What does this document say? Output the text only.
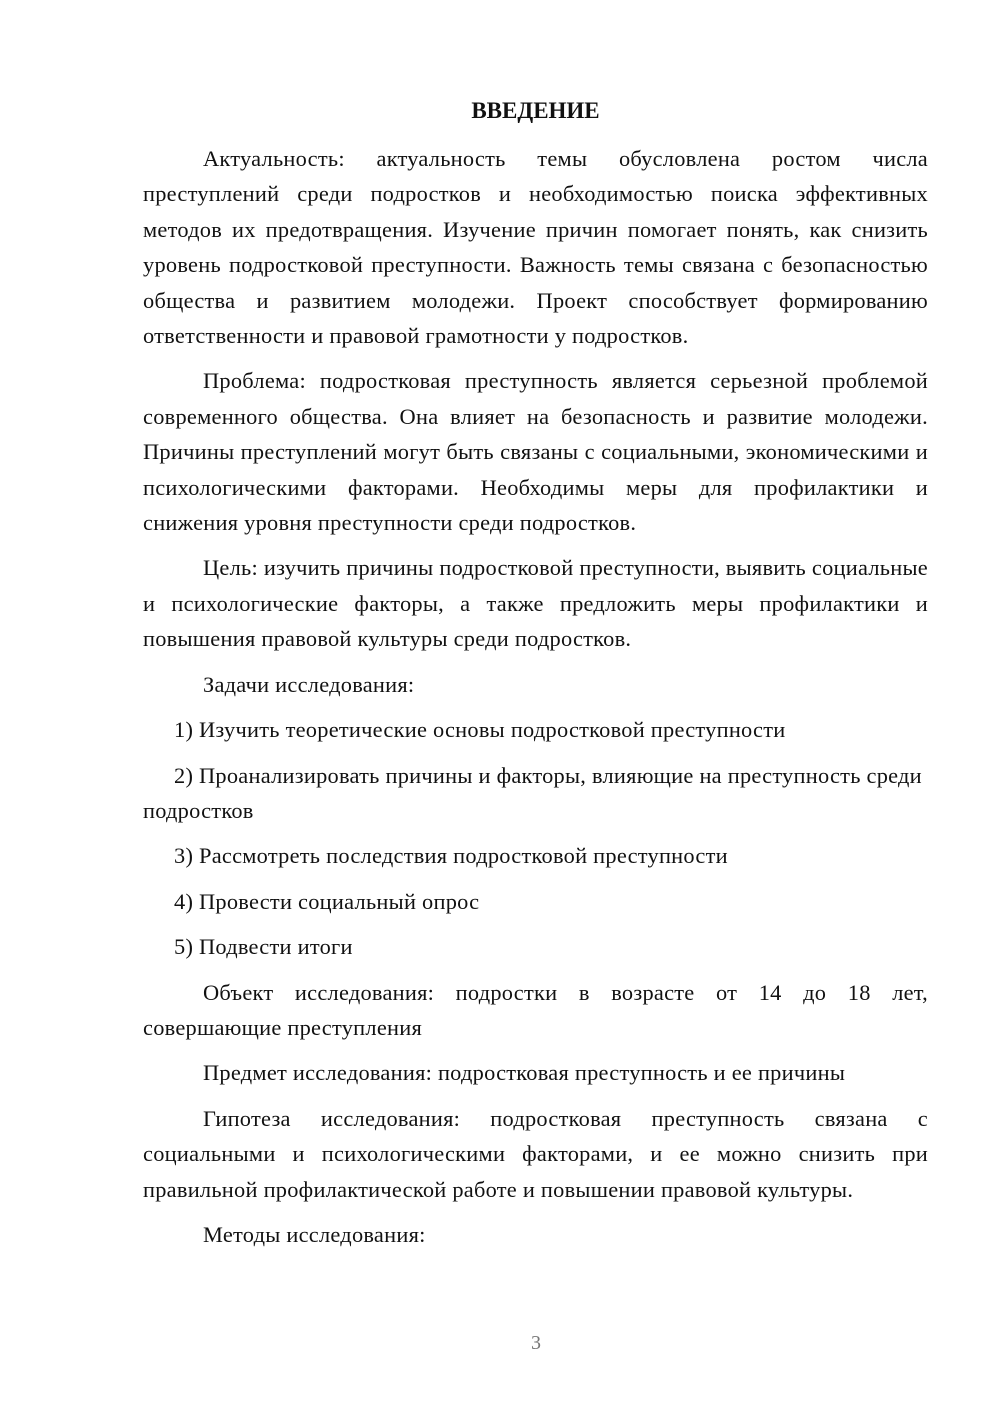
ВВЕДЕНИЕ

Актуальность: актуальность темы обусловлена ростом числа преступлений среди подростков и необходимостью поиска эффективных методов их предотвращения. Изучение причин помогает понять, как снизить уровень подростковой преступности. Важность темы связана с безопасностью общества и развитием молодежи. Проект способствует формированию ответственности и правовой грамотности у подростков.

Проблема: подростковая преступность является серьезной проблемой современного общества. Она влияет на безопасность и развитие молодежи. Причины преступлений могут быть связаны с социальными, экономическими и психологическими факторами. Необходимы меры для профилактики и снижения уровня преступности среди подростков.

Цель: изучить причины подростковой преступности, выявить социальные и психологические факторы, а также предложить меры профилактики и повышения правовой культуры среди подростков.

Задачи исследования:

1) Изучить теоретические основы подростковой преступности

2) Проанализировать причины и факторы, влияющие на преступность среди подростков

3) Рассмотреть последствия подростковой преступности

4) Провести социальный опрос

5) Подвести итоги

Объект исследования: подростки в возрасте от 14 до 18 лет, совершающие преступления

Предмет исследования: подростковая преступность и ее причины

Гипотеза исследования: подростковая преступность связана с социальными и психологическими факторами, и ее можно снизить при правильной профилактической работе и повышении правовой культуры.

Методы исследования:

3
